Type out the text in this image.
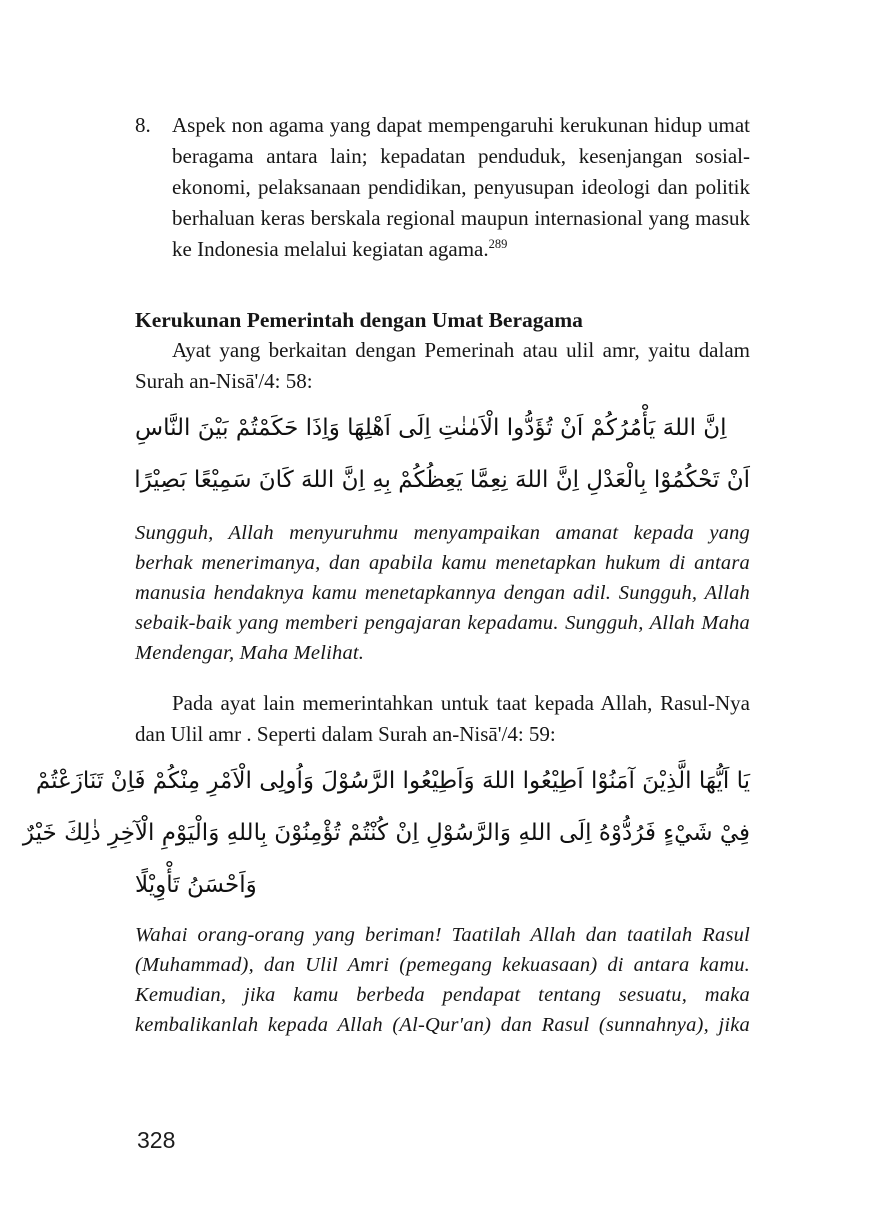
8.	Aspek non agama yang dapat mempengaruhi kerukunan hidup umat beragama antara lain; kepadatan penduduk, kesenjangan sosial-ekonomi, pelaksanaan pendidikan, penyusupan ideologi dan politik berhaluan keras berskala regional maupun internasional yang masuk ke Indonesia melalui kegiatan agama.$^{289}$

Kerukunan Pemerintah dengan Umat Beragama

Ayat yang berkaitan dengan Pemerinah atau ulil amr, yaitu dalam Surah an-Nisā'/4: 58:

اِنَّ اللهَ يَأْمُرُكُمْ اَنْ تُؤَدُّوا الْاَمٰنٰتِ اِلَى اَهْلِهَا وَاِذَا حَكَمْتُمْ بَيْنَ النَّاسِ
اَنْ تَحْكُمُوْا بِالْعَدْلِ اِنَّ اللهَ نِعِمَّا يَعِظُكُمْ بِهِ اِنَّ اللهَ كَانَ سَمِيْعًا بَصِيْرًا

Sungguh, Allah menyuruhmu menyampaikan amanat kepada yang berhak menerimanya, dan apabila kamu menetapkan hukum di antara manusia hendaknya kamu menetapkannya dengan adil. Sungguh, Allah sebaik-baik yang memberi pengajaran kepadamu. Sungguh, Allah Maha Mendengar, Maha Melihat.

Pada ayat lain memerintahkan untuk taat kepada Allah, Rasul-Nya dan Ulil amr . Seperti dalam Surah an-Nisā'/4: 59:

يَا اَيُّهَا الَّذِيْنَ آمَنُوْا اَطِيْعُوا اللهَ وَاَطِيْعُوا الرَّسُوْلَ وَاُولِى الْاَمْرِ مِنْكُمْ فَاِنْ تَنَازَعْتُمْ
فِيْ شَيْءٍ فَرُدُّوْهُ اِلَى اللهِ وَالرَّسُوْلِ اِنْ كُنْتُمْ تُؤْمِنُوْنَ بِاللهِ وَالْيَوْمِ الْآخِرِ ذٰلِكَ خَيْرٌ
وَاَحْسَنُ تَأْوِيْلًا

Wahai orang-orang yang beriman! Taatilah Allah dan taatilah Rasul (Muhammad), dan Ulil Amri (pemegang kekuasaan) di antara kamu. Kemudian, jika kamu berbeda pendapat tentang sesuatu, maka kembalikanlah kepada Allah (Al-Qur'an) dan Rasul (sunnahnya), jika

328
